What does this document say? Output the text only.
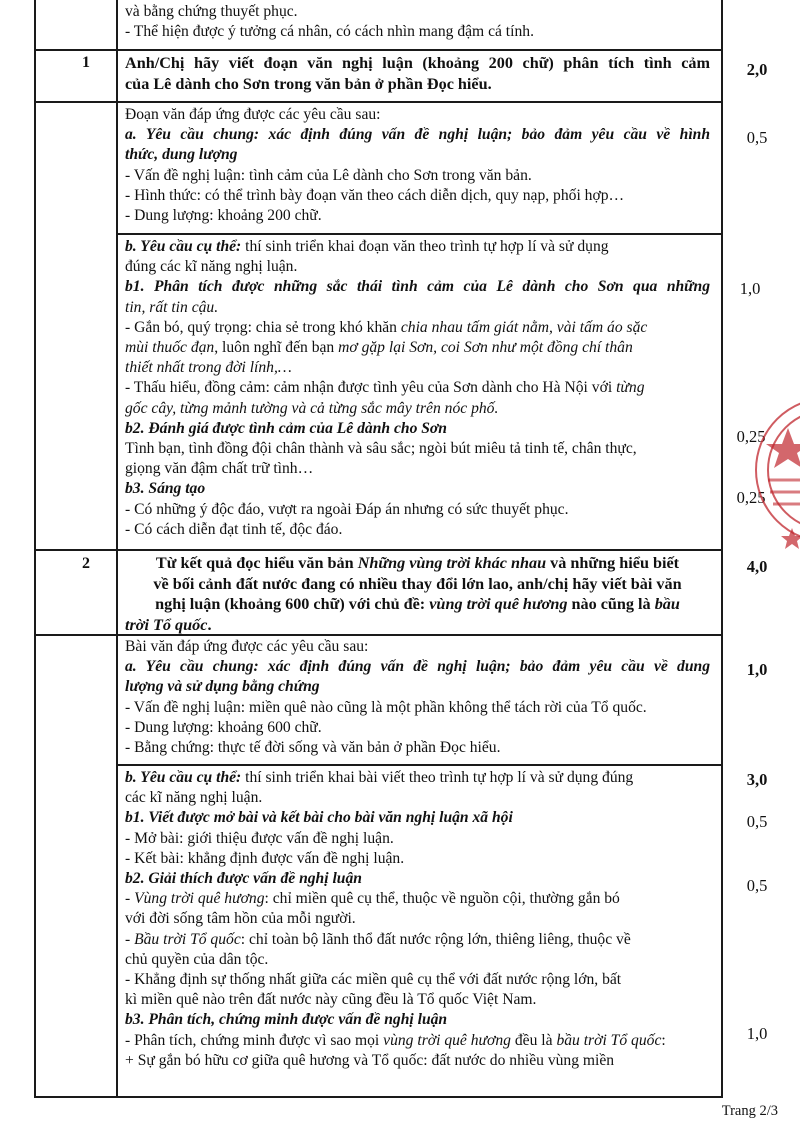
và bằng chứng thuyết phục.

- Thể hiện được ý tưởng cá nhân, có cách nhìn mang đậm cá tính.

1	Anh/Chị hãy viết đoạn văn nghị luận (khoảng 200 chữ) phân tích tình cảm

của Lê dành cho Sơn trong văn bản ở phần Đọc hiểu.

2,0

Đoạn văn đáp ứng được các yêu cầu sau:

a. Yêu cầu chung: xác định đúng vấn đề nghị luận; bảo đảm yêu cầu về hình

thức, dung lượng

- Vấn đề nghị luận: tình cảm của Lê dành cho Sơn trong văn bản.

- Hình thức: có thể trình bày đoạn văn theo cách diễn dịch, quy nạp, phối hợp…

- Dung lượng: khoảng 200 chữ.

0,5

b. Yêu cầu cụ thể: thí sinh triển khai đoạn văn theo trình tự hợp lí và sử dụng

đúng các kĩ năng nghị luận.

b1. Phân tích được những sắc thái tình cảm của Lê dành cho Sơn qua những

tin, rất tin cậu.

- Gắn bó, quý trọng: chia sẻ trong khó khăn chia nhau tấm giát nằm, vài tấm áo sặc

mùi thuốc đạn, luôn nghĩ đến bạn mơ gặp lại Sơn, coi Sơn như một đồng chí thân

thiết nhất trong đời lính,…

- Thấu hiểu, đồng cảm: cảm nhận được tình yêu của Sơn dành cho Hà Nội với từng

gốc cây, từng mảnh tường và cả từng sắc mây trên nóc phố.

b2. Đánh giá được tình cảm của Lê dành cho Sơn

Tình bạn, tình đồng đội chân thành và sâu sắc; ngòi bút miêu tả tinh tế, chân thực,

giọng văn đậm chất trữ tình…

b3. Sáng tạo

- Có những ý độc đáo, vượt ra ngoài Đáp án nhưng có sức thuyết phục.

- Có cách diễn đạt tinh tế, độc đáo.

1,0
0,25
0,25
2	Từ kết quả đọc hiểu văn bản Những vùng trời khác nhau và những hiểu biết

về bối cảnh đất nước đang có nhiều thay đổi lớn lao, anh/chị hãy viết bài văn

nghị luận (khoảng 600 chữ) với chủ đề: vùng trời quê hương nào cũng là bầu

trời Tổ quốc.

4,0

Bài văn đáp ứng được các yêu cầu sau:

a. Yêu cầu chung: xác định đúng vấn đề nghị luận; bảo đảm yêu cầu về dung

lượng và sử dụng bằng chứng

- Vấn đề nghị luận: miền quê nào cũng là một phần không thể tách rời của Tổ quốc.

- Dung lượng: khoảng 600 chữ.

- Bằng chứng: thực tế đời sống và văn bản ở phần Đọc hiểu.

1,0

b. Yêu cầu cụ thể: thí sinh triển khai bài viết theo trình tự hợp lí và sử dụng đúng

các kĩ năng nghị luận.

b1. Viết được mở bài và kết bài cho bài văn nghị luận xã hội

- Mở bài: giới thiệu được vấn đề nghị luận.

- Kết bài: khẳng định được vấn đề nghị luận.

b2. Giải thích được vấn đề nghị luận

- Vùng trời quê hương: chỉ miền quê cụ thể, thuộc về nguồn cội, thường gắn bó

với đời sống tâm hồn của mỗi người.

- Bầu trời Tổ quốc: chỉ toàn bộ lãnh thổ đất nước rộng lớn, thiêng liêng, thuộc về

chủ quyền của dân tộc.

- Khẳng định sự thống nhất giữa các miền quê cụ thể với đất nước rộng lớn, bất

kì miền quê nào trên đất nước này cũng đều là Tổ quốc Việt Nam.

b3. Phân tích, chứng minh được vấn đề nghị luận

- Phân tích, chứng minh được vì sao mọi vùng trời quê hương đều là bầu trời Tổ quốc:

+ Sự gắn bó hữu cơ giữa quê hương và Tổ quốc: đất nước do nhiều vùng miền

3,0
0,5
0,5
1,0
Trang 2/3
